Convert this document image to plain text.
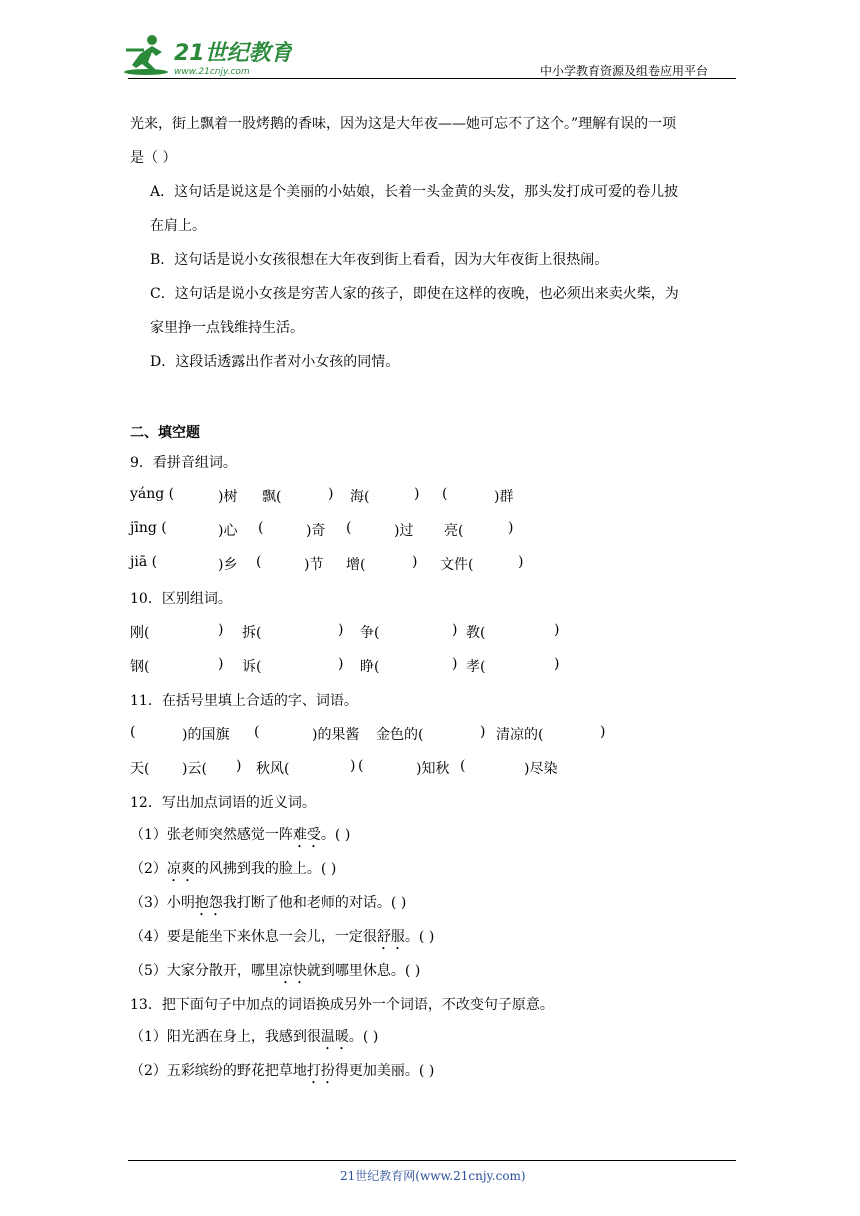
21世纪教育
www.21cnjy.com	中小学教育资源及组卷应用平台
光来，街上飘着一股烤鹅的香味，因为这是大年夜——她可忘不了这个。”理解有误的一项
是（ ）
A．这句话是说这是个美丽的小姑娘，长着一头金黄的头发，那头发打成可爱的卷儿披
在肩上。
B．这句话是说小女孩很想在大年夜到街上看看，因为大年夜街上很热闹。
C．这句话是说小女孩是穷苦人家的孩子，即使在这样的夜晚，也必须出来卖火柴，为
家里挣一点钱维持生活。
D．这段话透露出作者对小女孩的同情。
二、填空题
9．看拼音组词。
yáng (	)树 飘(	) 海(	) (	)群
jīng (	)心 (	)奇 (	)过 亮(	)
jiā (	)乡 (	)节 增(	) 文件(	)
10．区别组词。
刚(	) 拆(	) 争(	) 教(	)
钢(	) 诉(	) 睁(	) 孝(	)
11．在括号里填上合适的字、词语。
(	)的国旗 (	)的果酱 金色的(	) 清凉的(	)
天( )云( ) 秋风(	) (	)知秋 (	)尽染
12．写出加点词语的近义词。
（1）张老师突然感觉一阵难受。( )
（2）凉爽的风拂到我的脸上。( )
（3）小明抱怨我打断了他和老师的对话。( )
（4）要是能坐下来休息一会儿，一定很舒服。( )
（5）大家分散开，哪里凉快就到哪里休息。( )
13．把下面句子中加点的词语换成另外一个词语，不改变句子原意。
（1）阳光洒在身上，我感到很温暖。( )
（2）五彩缤纷的野花把草地打扮得更加美丽。( )
21世纪教育网(www.21cnjy.com)
